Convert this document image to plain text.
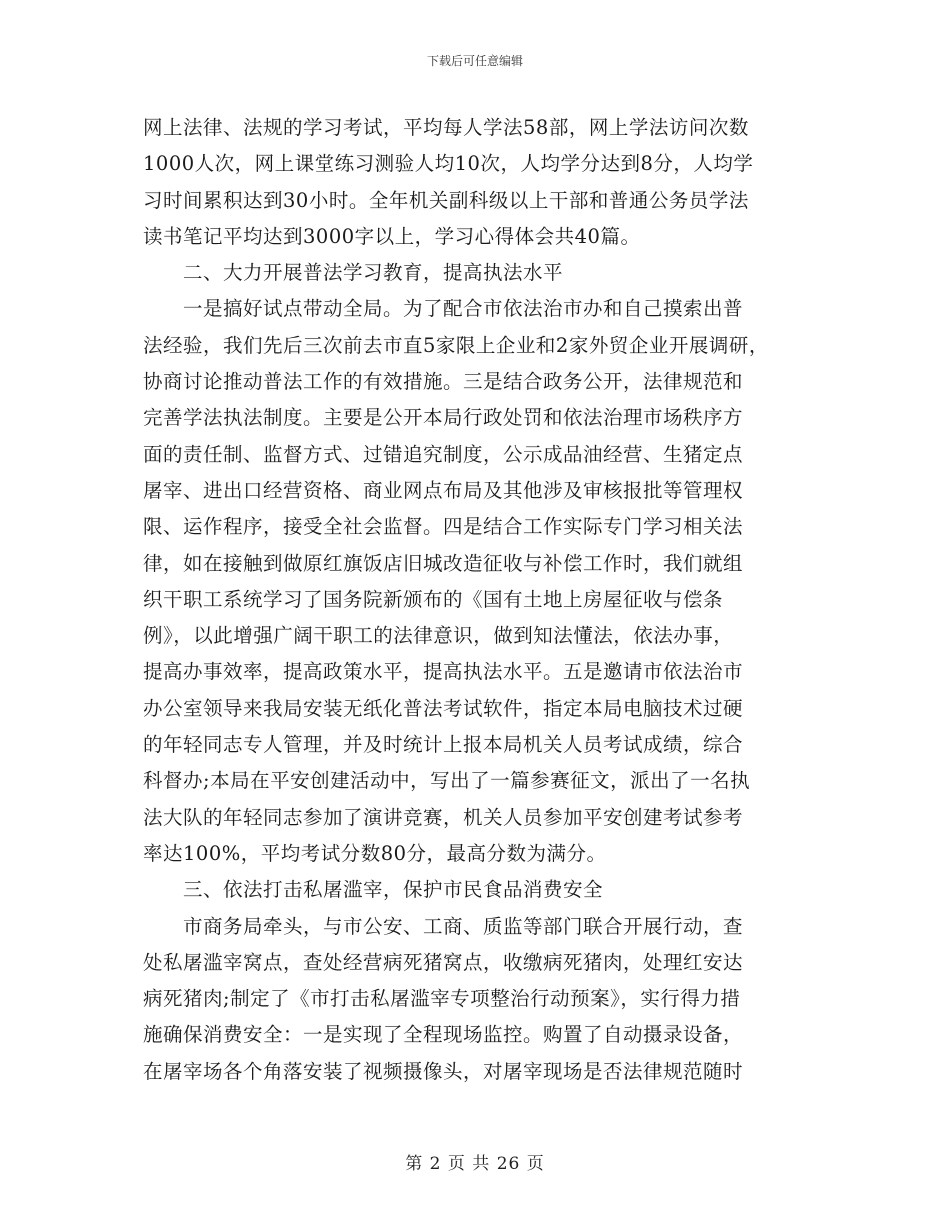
下载后可任意编辑
网上法律、法规的学习考试，平均每人学法58部，网上学法访问次数
1000人次，网上课堂练习测验人均10次，人均学分达到8分，人均学
习时间累积达到30小时。全年机关副科级以上干部和普通公务员学法
读书笔记平均达到3000字以上，学习心得体会共40篇。
二、大力开展普法学习教育，提高执法水平
一是搞好试点带动全局。为了配合市依法治市办和自己摸索出普
法经验，我们先后三次前去市直5家限上企业和2家外贸企业开展调研，
协商讨论推动普法工作的有效措施。三是结合政务公开，法律规范和
完善学法执法制度。主要是公开本局行政处罚和依法治理市场秩序方
面的责任制、监督方式、过错追究制度，公示成品油经营、生猪定点
屠宰、进出口经营资格、商业网点布局及其他涉及审核报批等管理权
限、运作程序，接受全社会监督。四是结合工作实际专门学习相关法
律，如在接触到做原红旗饭店旧城改造征收与补偿工作时，我们就组
织干职工系统学习了国务院新颁布的《国有土地上房屋征收与偿条
例》，以此增强广阔干职工的法律意识，做到知法懂法，依法办事，
提高办事效率，提高政策水平，提高执法水平。五是邀请市依法治市
办公室领导来我局安装无纸化普法考试软件，指定本局电脑技术过硬
的年轻同志专人管理，并及时统计上报本局机关人员考试成绩，综合
科督办;本局在平安创建活动中，写出了一篇参赛征文，派出了一名执
法大队的年轻同志参加了演讲竞赛，机关人员参加平安创建考试参考
率达100%，平均考试分数80分，最高分数为满分。
三、依法打击私屠滥宰，保护市民食品消费安全
市商务局牵头，与市公安、工商、质监等部门联合开展行动，查
处私屠滥宰窝点，查处经营病死猪窝点，收缴病死猪肉，处理红安达
病死猪肉;制定了《市打击私屠滥宰专项整治行动预案》，实行得力措
施确保消费安全：一是实现了全程现场监控。购置了自动摄录设备，
在屠宰场各个角落安装了视频摄像头，对屠宰现场是否法律规范随时
第 2 页 共 26 页
